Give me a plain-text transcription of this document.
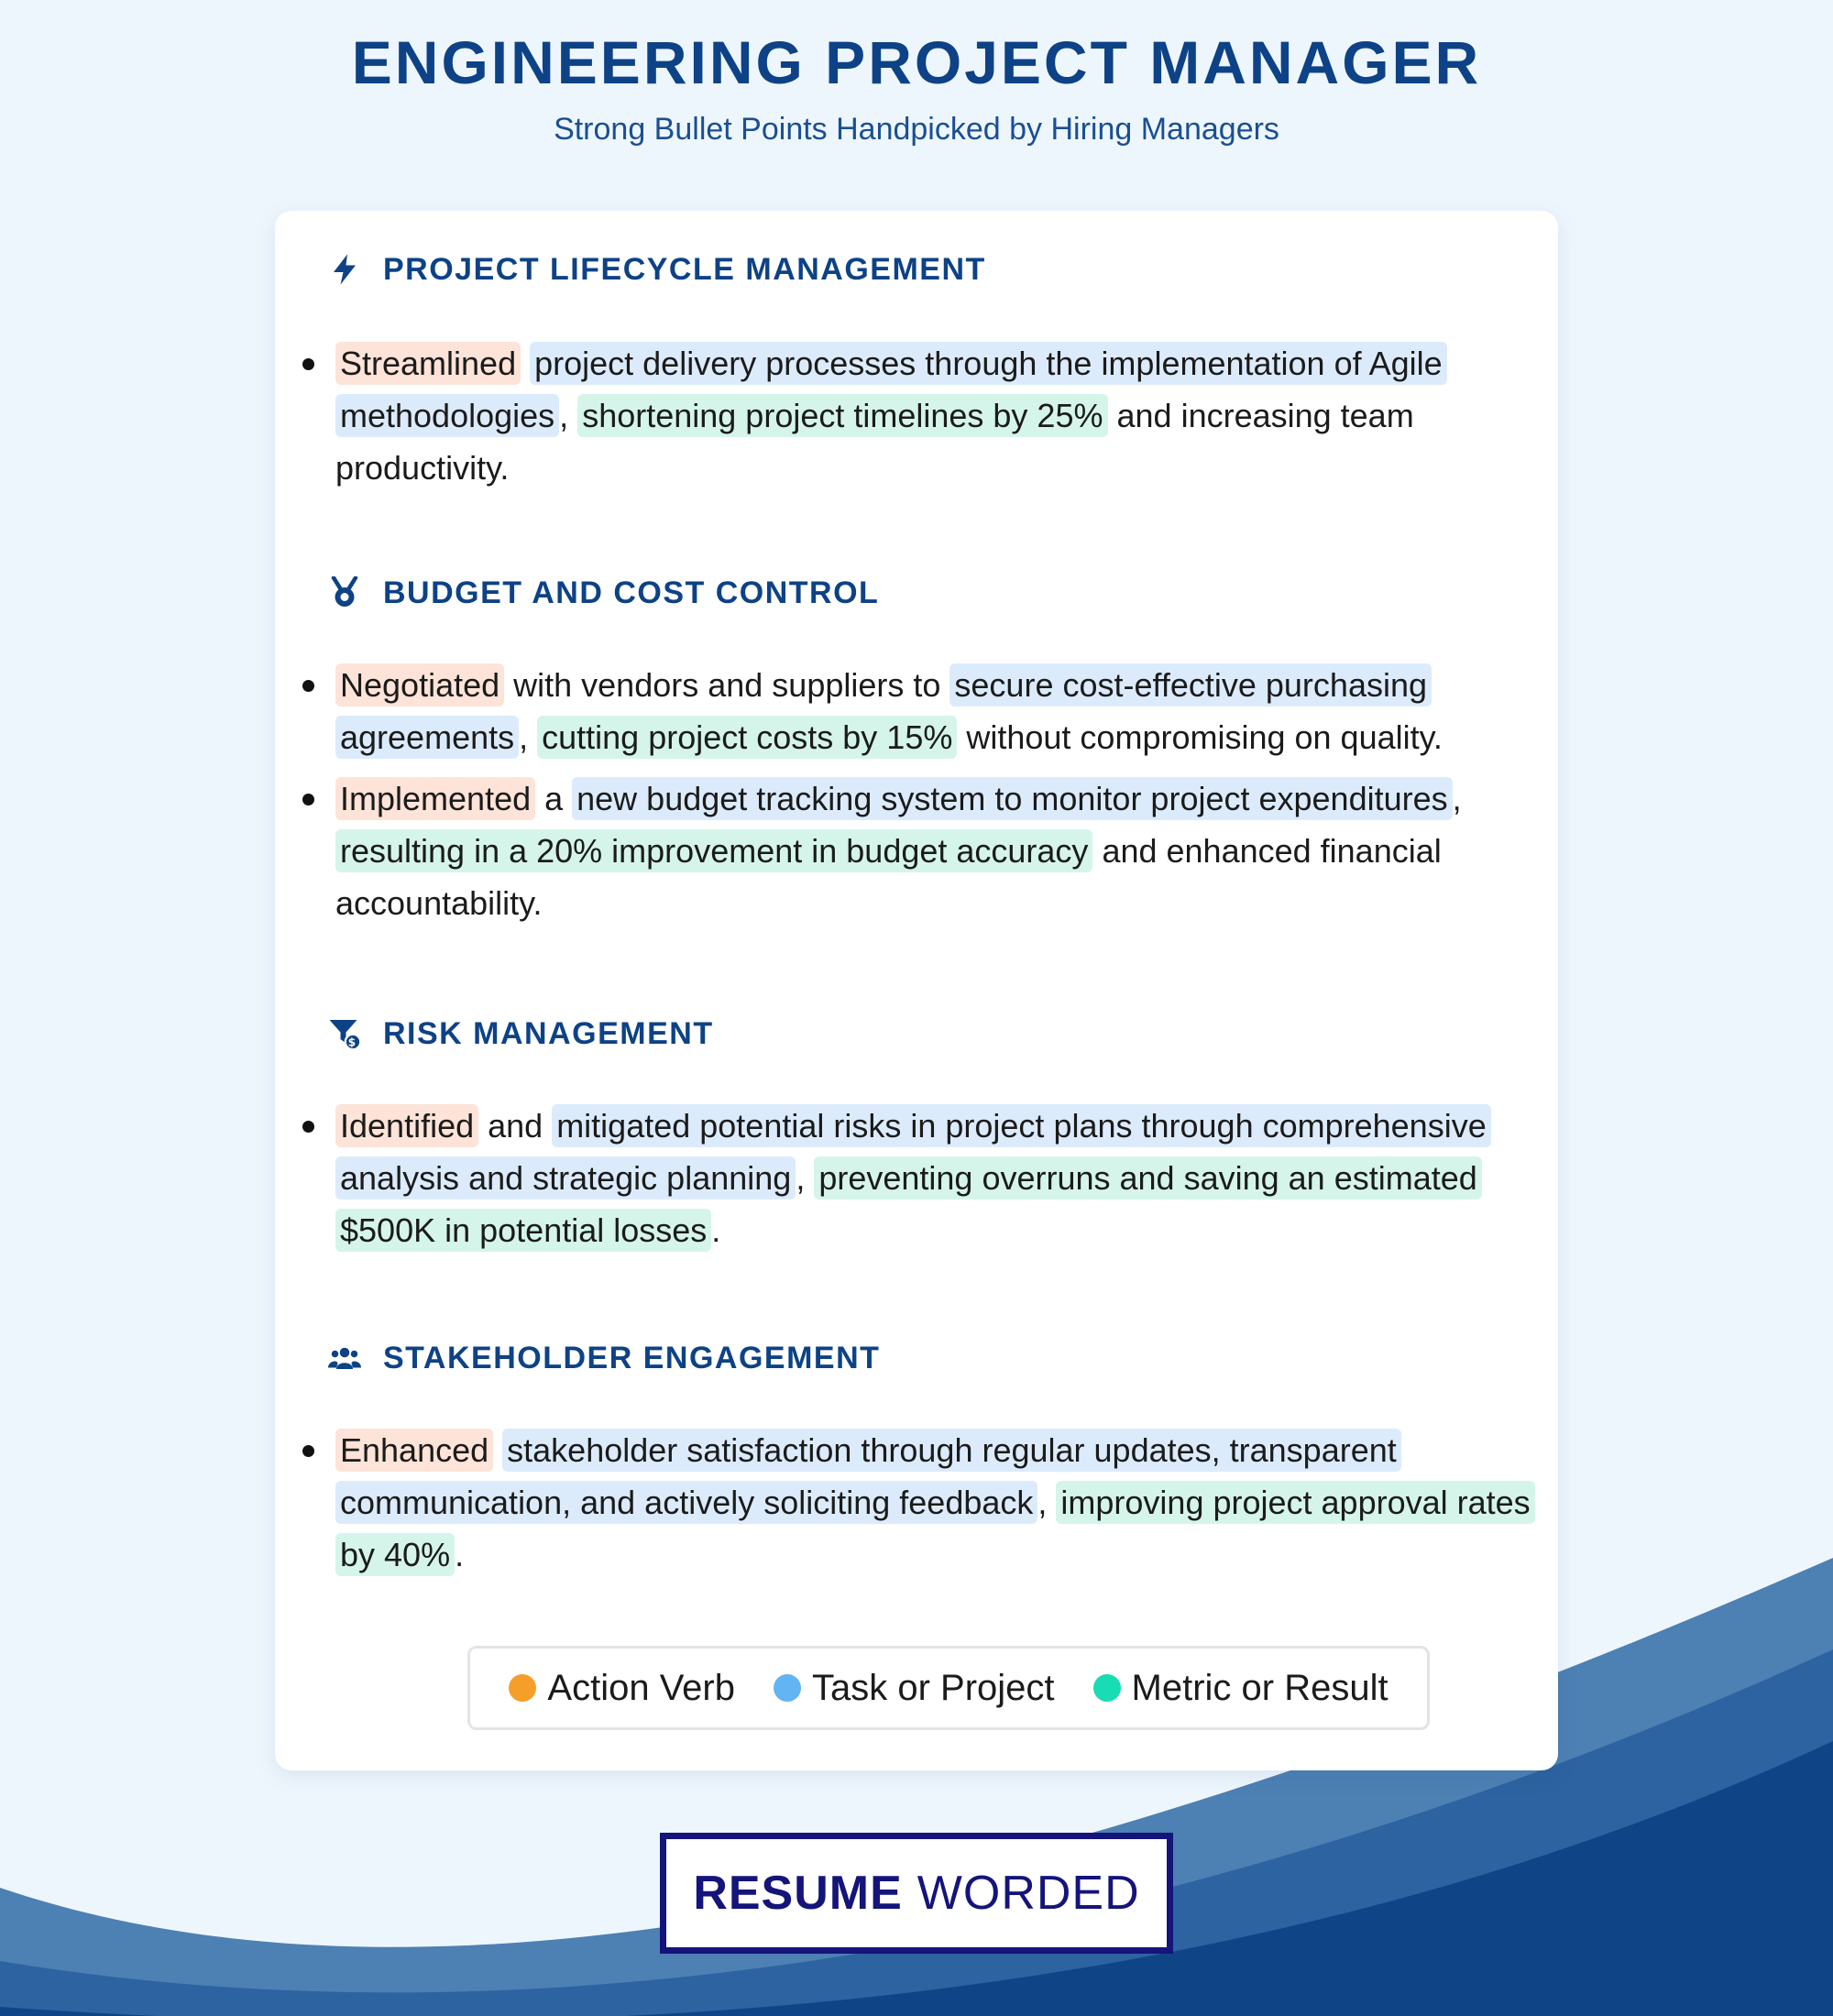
ENGINEERING PROJECT MANAGER
Strong Bullet Points Handpicked by Hiring Managers
PROJECT LIFECYCLE MANAGEMENT
Streamlined project delivery processes through the implementation of Agile methodologies , shortening project timelines by 25% and increasing team productivity.
BUDGET AND COST CONTROL
Negotiated with vendors and suppliers to secure cost-effective purchasing agreements , cutting project costs by 15% without compromising on quality.
Implemented a new budget tracking system to monitor project expenditures , resulting in a 20% improvement in budget accuracy and enhanced financial accountability.
$ RISK MANAGEMENT
Identified and mitigated potential risks in project plans through comprehensive analysis and strategic planning , preventing overruns and saving an estimated $500K in potential losses .
STAKEHOLDER ENGAGEMENT
Enhanced stakeholder satisfaction through regular updates, transparent communication, and actively soliciting feedback , improving project approval rates by 40% .
Action Verb Task or Project Metric or Result
RESUME WORDED
